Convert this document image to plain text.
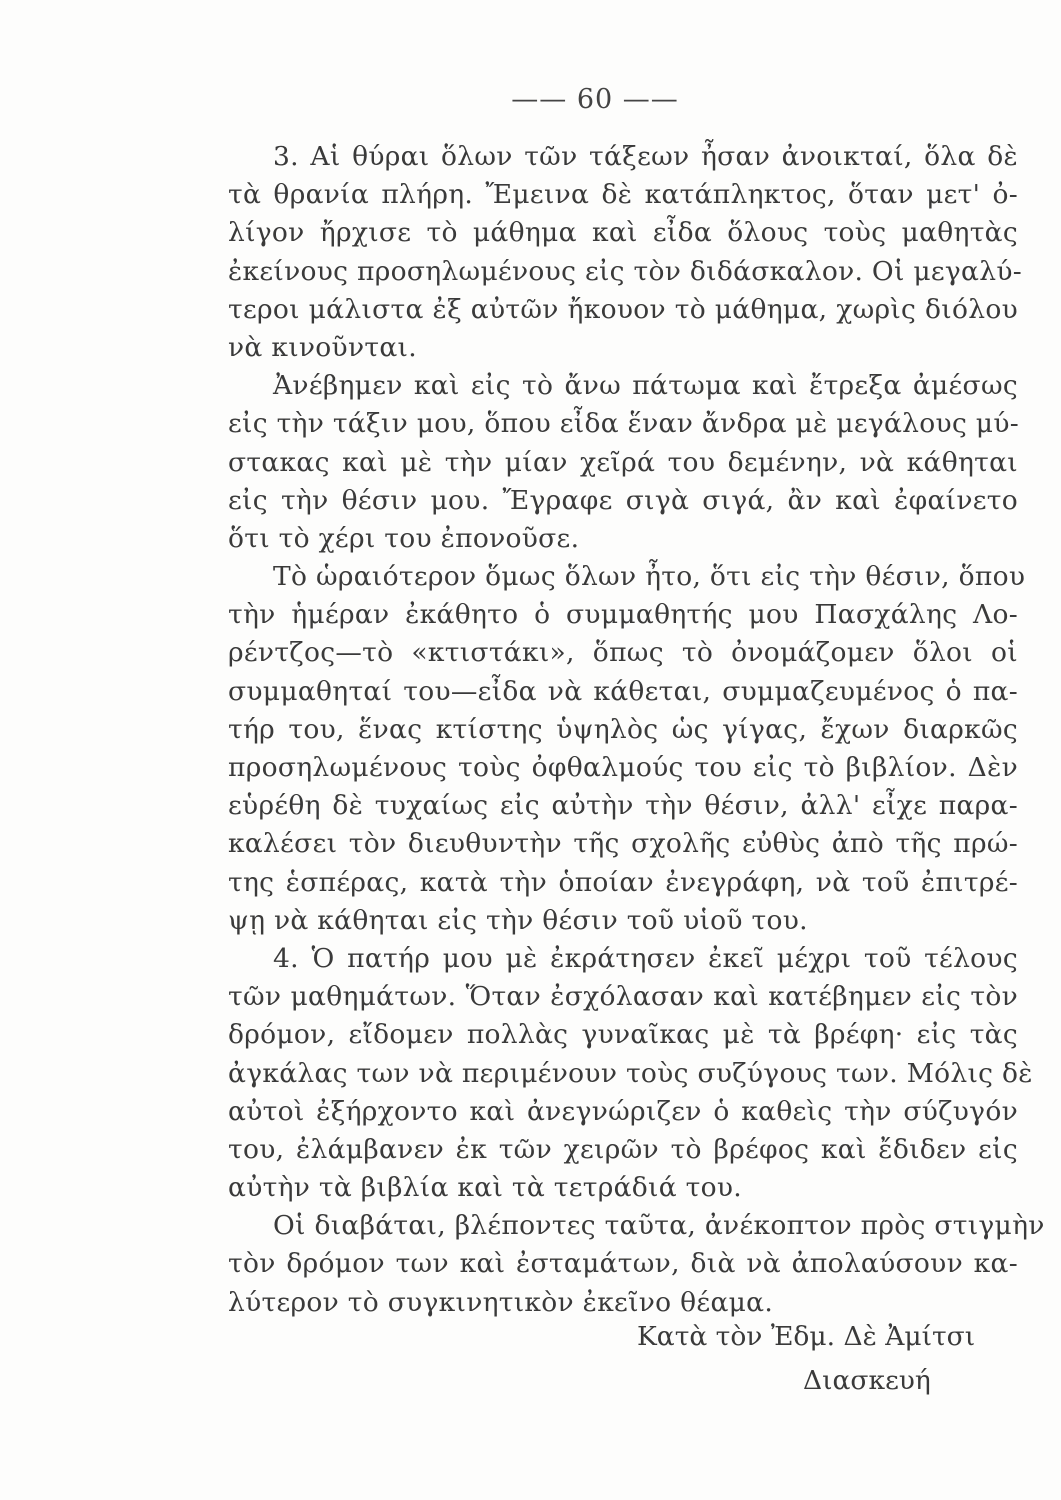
—— 60 ——
3. Αἱ θύραι ὅλων τῶν τάξεων ἦσαν ἀνοικταί, ὅλα δὲ
τὰ θρανία πλήρη. Ἔμεινα δὲ κατάπληκτος, ὅταν μετ' ὀ-
λίγον ἤρχισε τὸ μάθημα καὶ εἶδα ὅλους τοὺς μαθητὰς
ἐκείνους προσηλωμένους εἰς τὸν διδάσκαλον. Οἱ μεγαλύ-
τεροι μάλιστα ἐξ αὐτῶν ἤκουον τὸ μάθημα, χωρὶς διόλου
νὰ κινοῦνται.
Ἀνέβημεν καὶ εἰς τὸ ἄνω πάτωμα καὶ ἔτρεξα ἀμέσως
εἰς τὴν τάξιν μου, ὅπου εἶδα ἕναν ἄνδρα μὲ μεγάλους μύ-
στακας καὶ μὲ τὴν μίαν χεῖρά του δεμένην, νὰ κάθηται
εἰς τὴν θέσιν μου. Ἔγραφε σιγὰ σιγά, ἂν καὶ ἐφαίνετο
ὅτι τὸ χέρι του ἐπονοῦσε.
Τὸ ὡραιότερον ὅμως ὅλων ἦτο, ὅτι εἰς τὴν θέσιν, ὅπου
τὴν ἡμέραν ἐκάθητο ὁ συμμαθητής μου Πασχάλης Λο-
ρέντζος—τὸ «κτιστάκι», ὅπως τὸ ὀνομάζομεν ὅλοι οἱ
συμμαθηταί του—εἶδα νὰ κάθεται, συμμαζευμένος ὁ πα-
τήρ του, ἕνας κτίστης ὑψηλὸς ὡς γίγας, ἔχων διαρκῶς
προσηλωμένους τοὺς ὀφθαλμούς του εἰς τὸ βιβλίον. Δὲν
εὑρέθη δὲ τυχαίως εἰς αὐτὴν τὴν θέσιν, ἀλλ' εἶχε παρα-
καλέσει τὸν διευθυντὴν τῆς σχολῆς εὐθὺς ἀπὸ τῆς πρώ-
της ἑσπέρας, κατὰ τὴν ὁποίαν ἐνεγράφη, νὰ τοῦ ἐπιτρέ-
ψῃ νὰ κάθηται εἰς τὴν θέσιν τοῦ υἱοῦ του.
4. Ὁ πατήρ μου μὲ ἐκράτησεν ἐκεῖ μέχρι τοῦ τέλους
τῶν μαθημάτων. Ὅταν ἐσχόλασαν καὶ κατέβημεν εἰς τὸν
δρόμον, εἴδομεν πολλὰς γυναῖκας μὲ τὰ βρέφη· εἰς τὰς
ἀγκάλας των νὰ περιμένουν τοὺς συζύγους των. Μόλις δὲ
αὐτοὶ ἐξήρχοντο καὶ ἀνεγνώριζεν ὁ καθεὶς τὴν σύζυγόν
του, ἐλάμβανεν ἐκ τῶν χειρῶν τὸ βρέφος καὶ ἔδιδεν εἰς
αὐτὴν τὰ βιβλία καὶ τὰ τετράδιά του.
Οἱ διαβάται, βλέποντες ταῦτα, ἀνέκοπτον πρὸς στιγμὴν
τὸν δρόμον των καὶ ἐσταμάτων, διὰ νὰ ἀπολαύσουν κα-
λύτερον τὸ συγκινητικὸν ἐκεῖνο θέαμα.
Κατὰ τὸν Ἐδμ. Δὲ Ἀμίτσι
Διασκευή
